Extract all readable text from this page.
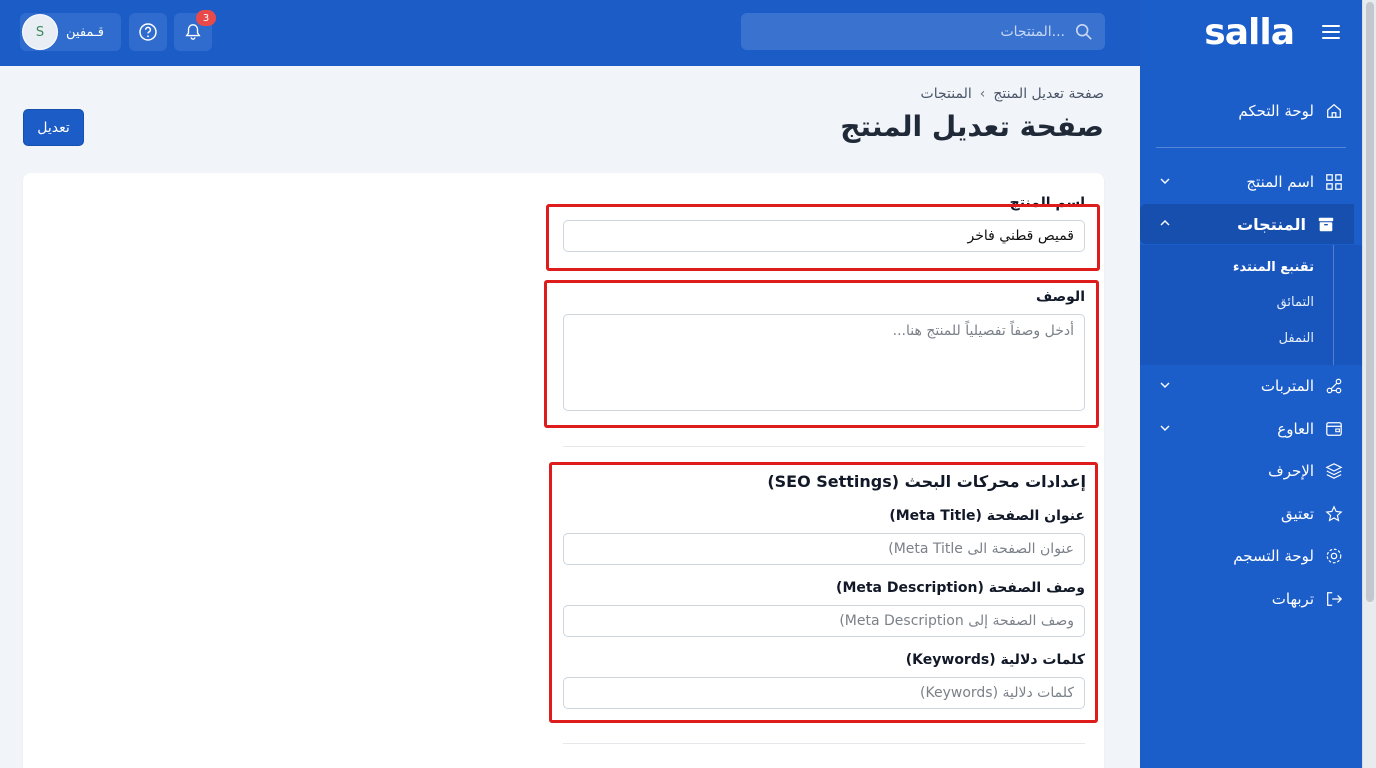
المنتجات...
3
S	قـمفين	salla
لوحة التحكم
اسم المنتج
المنتجات
تقنبع المنتدء
التمائق
النمفل
المتربات
العاوع
الإحرف
تعتيق
لوحة التسجم
تربهات
صفحة تعديل المنتج
‹
المنتجات
صفحة تعديل المنتج
تعديل
اسم المنتج
قميص قطني فاخر
الوصف
أدخل وصفاً تفصيلياً للمنتج هنا...
إعدادات محركات البحث (SEO Settings)
عنوان الصفحة (Meta Title)
عنوان الصفحة الى Meta Title)
وصف الصفحة (Meta Description)
وصف الصفحة إلى Meta Description)
كلمات دلالية (Keywords)
كلمات دلالية (Keywords)
